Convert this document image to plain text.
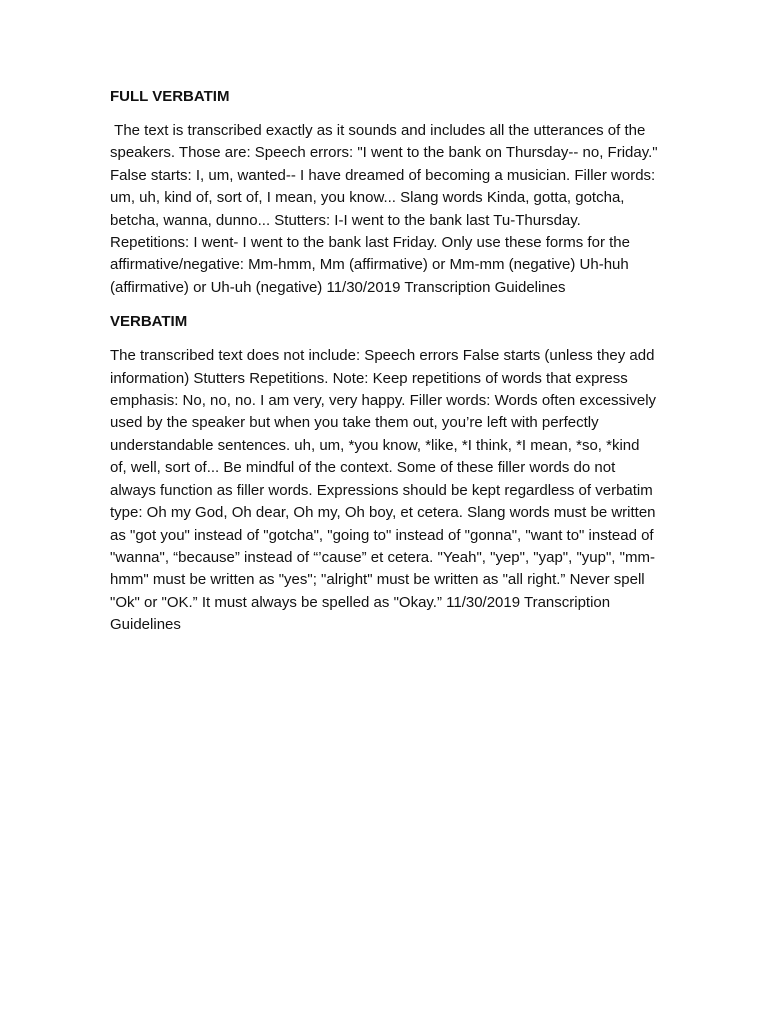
FULL VERBATIM
The text is transcribed exactly as it sounds and includes all the utterances of the speakers. Those are: Speech errors: "I went to the bank on Thursday-- no, Friday." False starts: I, um, wanted-- I have dreamed of becoming a musician. Filler words: um, uh, kind of, sort of, I mean, you know... Slang words Kinda, gotta, gotcha, betcha, wanna, dunno... Stutters: I-I went to the bank last Tu-Thursday. Repetitions: I went- I went to the bank last Friday. Only use these forms for the affirmative/negative: Mm-hmm, Mm (affirmative) or Mm-mm (negative) Uh-huh (affirmative) or Uh-uh (negative) 11/30/2019 Transcription Guidelines
VERBATIM
The transcribed text does not include: Speech errors False starts (unless they add information) Stutters Repetitions. Note: Keep repetitions of words that express emphasis: No, no, no. I am very, very happy. Filler words: Words often excessively used by the speaker but when you take them out, you’re left with perfectly understandable sentences. uh, um, *you know, *like, *I think, *I mean, *so, *kind of, well, sort of... Be mindful of the context. Some of these filler words do not always function as filler words. Expressions should be kept regardless of verbatim type: Oh my God, Oh dear, Oh my, Oh boy, et cetera. Slang words must be written as "got you" instead of "gotcha", "going to" instead of "gonna", "want to" instead of "wanna", “because” instead of “’cause” et cetera. "Yeah", "yep", "yap", "yup", "mm-hmm" must be written as "yes"; "alright" must be written as "all right.” Never spell "Ok" or "OK.” It must always be spelled as "Okay.” 11/30/2019 Transcription Guidelines
